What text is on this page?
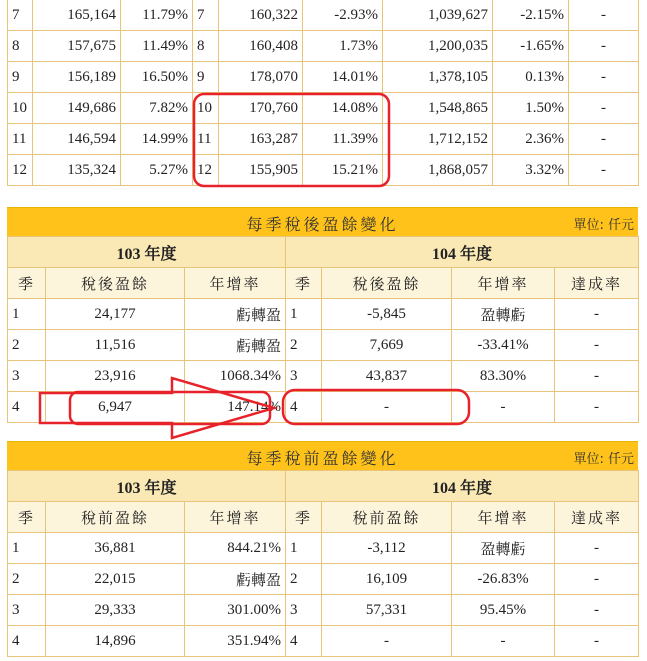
7	165,164	11.79%	7	160,322	-2.93%	1,039,627	-2.15%	-
8	157,675	11.49%	8	160,408	1.73%	1,200,035	-1.65%	-
9	156,189	16.50%	9	178,070	14.01%	1,378,105	0.13%	-
10	149,686	7.82%	10	170,760	14.08%	1,548,865	1.50%	-
11	146,594	14.99%	11	163,287	11.39%	1,712,152	2.36%	-
12	135,324	5.27%	12	155,905	15.21%	1,868,057	3.32%	-
每季稅後盈餘變化	單位: 仟元
103 年度			104 年度			
季	稅後盈餘	年增率	季	稅後盈餘	年增率	達成率
1	24,177	虧轉盈	1	-5,845	盈轉虧	-
2	11,516	虧轉盈	2	7,669	-33.41%	-
3	23,916	1068.34%	3	43,837	83.30%	-
4	6,947	147.14%	4	-	-	-
每季稅前盈餘變化	單位: 仟元
103 年度			104 年度			
季	稅前盈餘	年增率	季	稅前盈餘	年增率	達成率
1	36,881	844.21%	1	-3,112	盈轉虧	-
2	22,015	虧轉盈	2	16,109	-26.83%	-
3	29,333	301.00%	3	57,331	95.45%	-
4	14,896	351.94%	4	-	-	-
